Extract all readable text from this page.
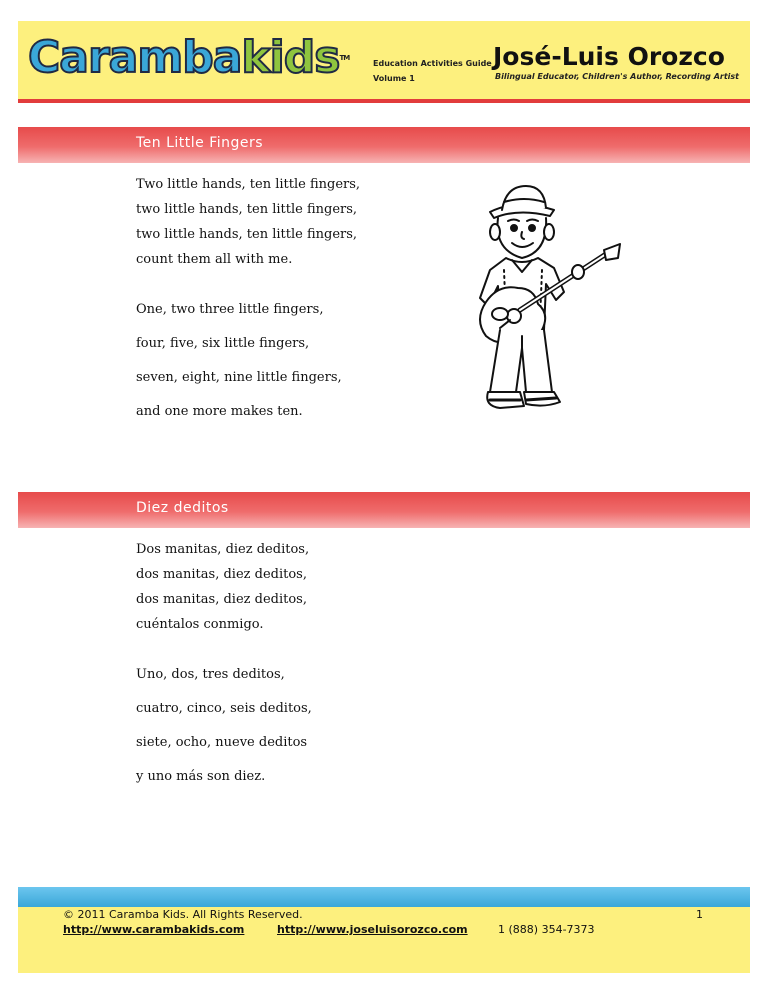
Carambakids™
Education Activities Guide
Volume 1
José-Luis Orozco
Bilingual Educator, Children's Author, Recording Artist
Ten Little Fingers
Two little hands, ten little fingers,
two little hands, ten little fingers,
two little hands, ten little fingers,
count them all with me.
One, two three little fingers,
four, five, six little fingers,
seven, eight, nine little fingers,
and one more makes ten.
Diez deditos
Dos manitas, diez deditos,
dos manitas, diez deditos,
dos manitas, diez deditos,
cuéntalos conmigo.
Uno, dos, tres deditos,
cuatro, cinco, seis deditos,
siete, ocho, nueve deditos
y uno más son diez.
© 2011 Caramba Kids. All Rights Reserved.	1
http://www.carambakids.com	http://www.joseluisorozco.com	1 (888) 354-7373
